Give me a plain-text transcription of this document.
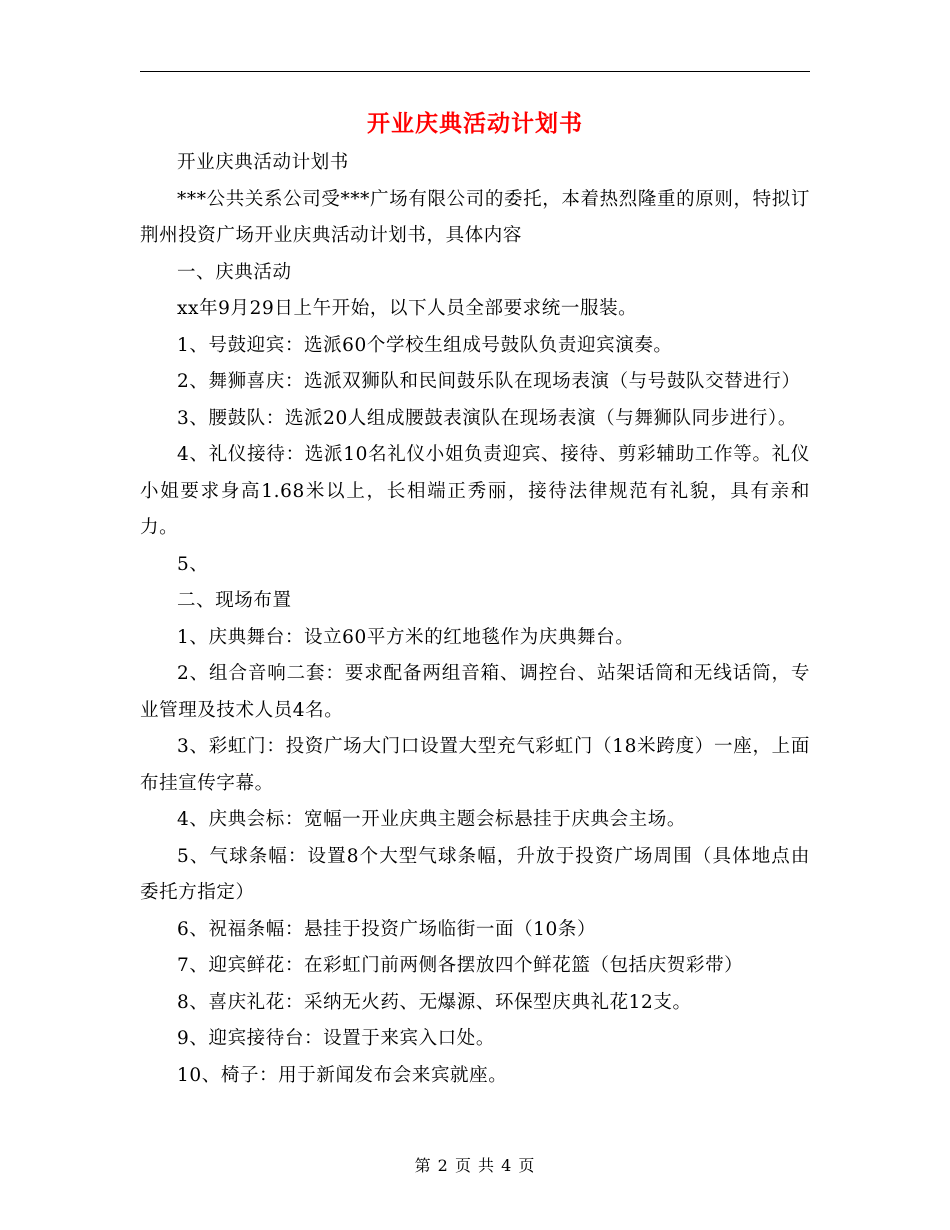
开业庆典活动计划书

开业庆典活动计划书

***公共关系公司受***广场有限公司的委托，本着热烈隆重的原则，特拟订荆州投资广场开业庆典活动计划书，具体内容

一、庆典活动

xx年9月29日上午开始，以下人员全部要求统一服装。

1、号鼓迎宾：选派60个学校生组成号鼓队负责迎宾演奏。

2、舞狮喜庆：选派双狮队和民间鼓乐队在现场表演（与号鼓队交替进行）

3、腰鼓队：选派20人组成腰鼓表演队在现场表演（与舞狮队同步进行）。

4、礼仪接待：选派10名礼仪小姐负责迎宾、接待、剪彩辅助工作等。礼仪小姐要求身高1.68米以上，长相端正秀丽，接待法律规范有礼貌，具有亲和力。

5、

二、现场布置

1、庆典舞台：设立60平方米的红地毯作为庆典舞台。

2、组合音响二套：要求配备两组音箱、调控台、站架话筒和无线话筒，专业管理及技术人员4名。

3、彩虹门：投资广场大门口设置大型充气彩虹门（18米跨度）一座，上面布挂宣传字幕。

4、庆典会标：宽幅一开业庆典主题会标悬挂于庆典会主场。

5、气球条幅：设置8个大型气球条幅，升放于投资广场周围（具体地点由委托方指定）

6、祝福条幅：悬挂于投资广场临街一面（10条）

7、迎宾鲜花：在彩虹门前两侧各摆放四个鲜花篮（包括庆贺彩带）

8、喜庆礼花：采纳无火药、无爆源、环保型庆典礼花12支。

9、迎宾接待台：设置于来宾入口处。

10、椅子：用于新闻发布会来宾就座。

第 2 页 共 4 页
